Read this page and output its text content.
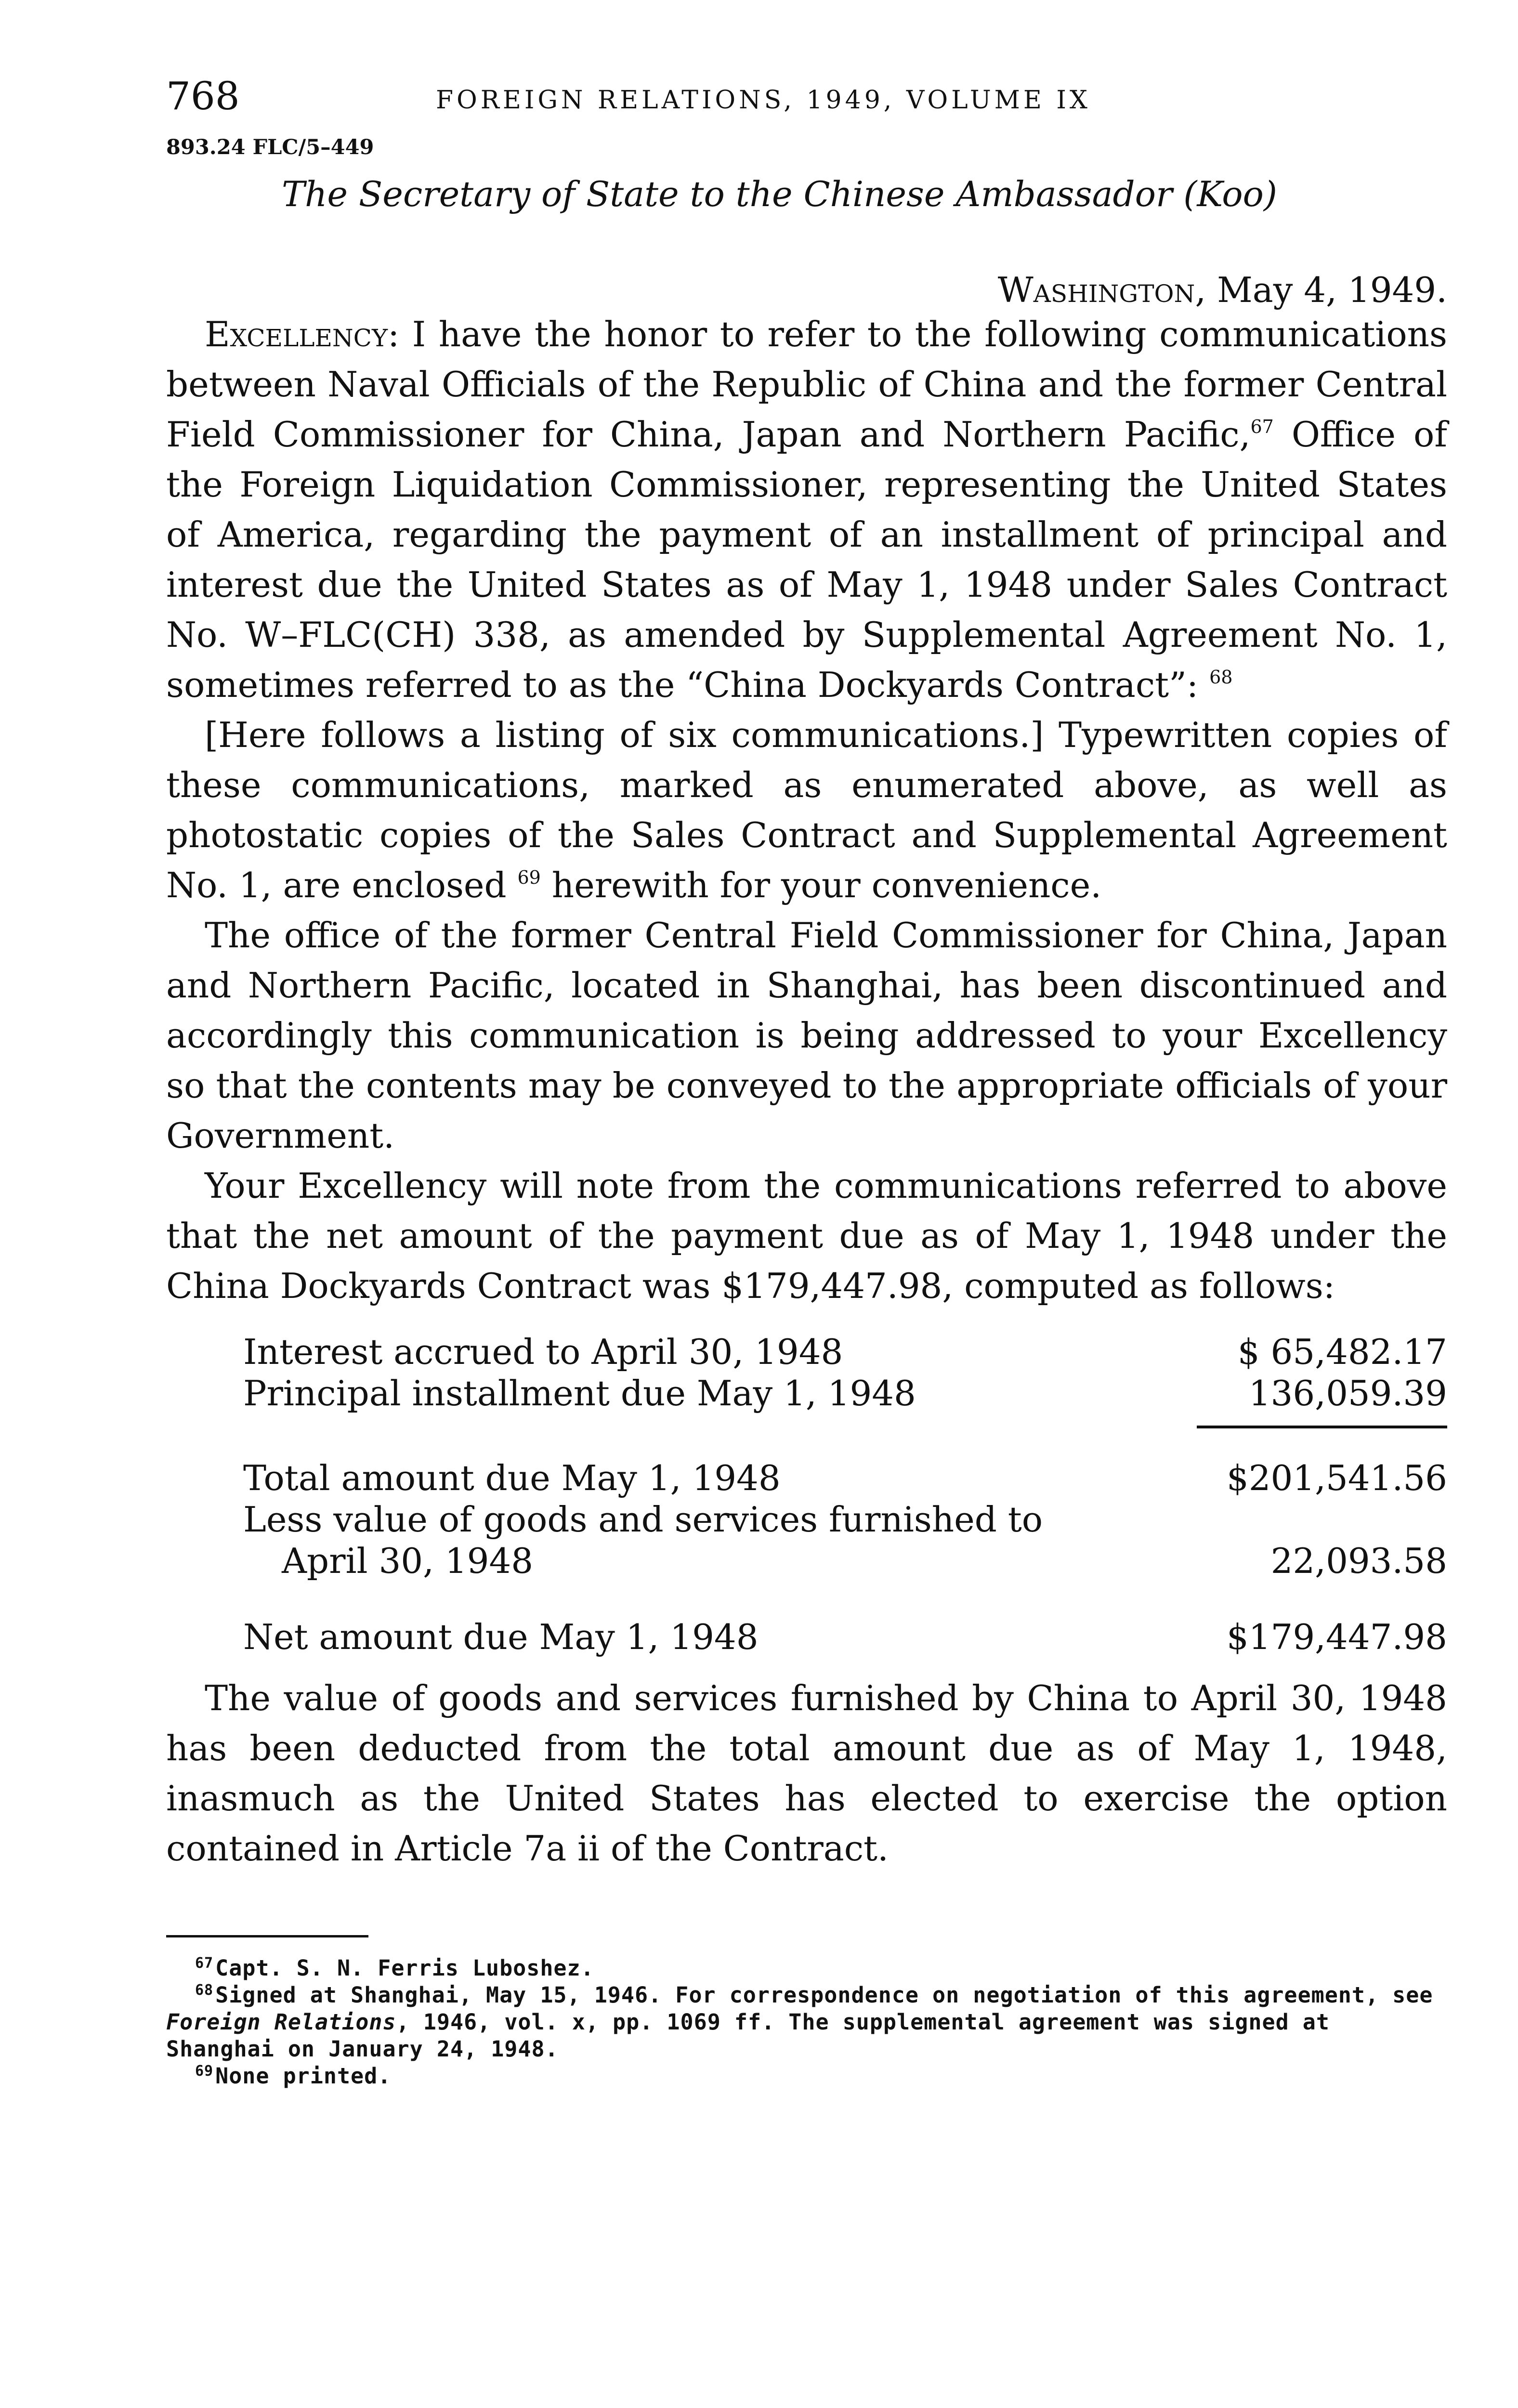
768	FOREIGN RELATIONS, 1949, VOLUME IX
893.24 FLC/5–449
The Secretary of State to the Chinese Ambassador (Koo)
Washington, May 4, 1949.

Excellency: I have the honor to refer to the following communications between Naval Officials of the Republic of China and the former Central Field Commissioner for China, Japan and Northern Pacific,$^{67}$ Office of the Foreign Liquidation Commissioner, representing the United States of America, regarding the payment of an installment of principal and interest due the United States as of May 1, 1948 under Sales Contract No. W–FLC(CH) 338, as amended by Supplemental Agreement No. 1, sometimes referred to as the “China Dockyards Contract”: $^{68}$

[Here follows a listing of six communications.] Typewritten copies of these communications, marked as enumerated above, as well as photostatic copies of the Sales Contract and Supplemental Agreement No. 1, are enclosed $^{69}$ herewith for your convenience.

The office of the former Central Field Commissioner for China, Japan and Northern Pacific, located in Shanghai, has been discontinued and accordingly this communication is being addressed to your Excellency so that the contents may be conveyed to the appropriate officials of your Government.

Your Excellency will note from the communications referred to above that the net amount of the payment due as of May 1, 1948 under the China Dockyards Contract was $179,447.98, computed as follows:

Interest accrued to April 30, 1948	$ 65,482.17
Principal installment due May 1, 1948	136,059.39
Total amount due May 1, 1948	$201,541.56
Less value of goods and services furnished to
April 30, 1948	22,093.58
Net amount due May 1, 1948	$179,447.98

The value of goods and services furnished by China to April 30, 1948 has been deducted from the total amount due as of May 1, 1948, inasmuch as the United States has elected to exercise the option contained in Article 7a ii of the Contract.

$^{67}$Capt. S. N. Ferris Luboshez.
$^{68}$Signed at Shanghai, May 15, 1946. For correspondence on negotiation of this agreement, see Foreign Relations, 1946, vol. x, pp. 1069 ff. The supplemental agreement was signed at Shanghai on January 24, 1948.
$^{69}$None printed.
